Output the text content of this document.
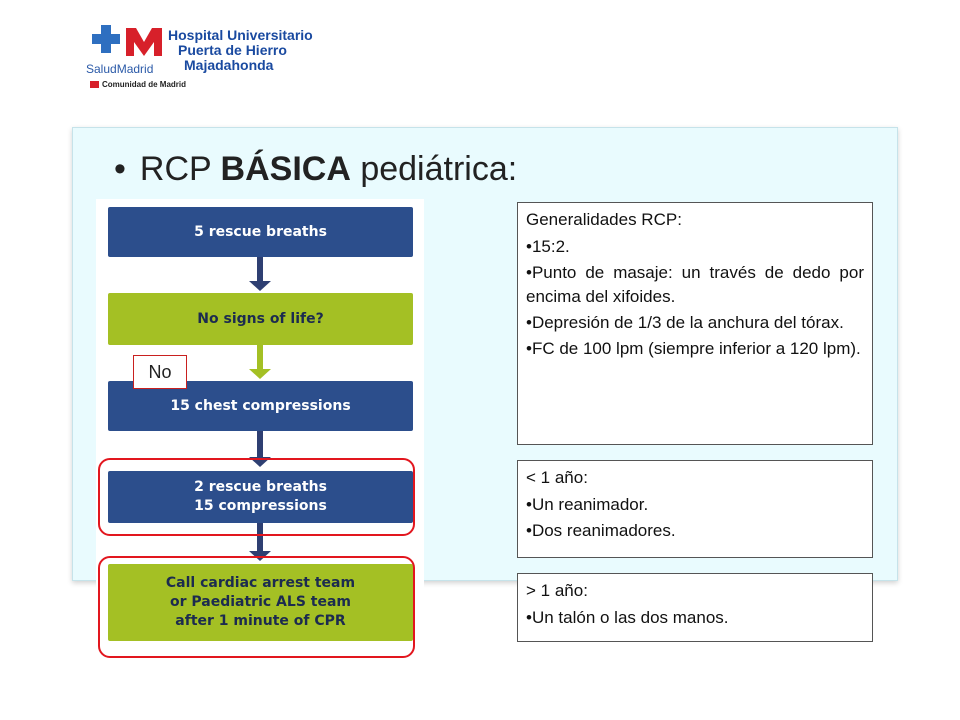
Hospital Universitario
Puerta de Hierro
Majadahonda
SaludMadrid
Comunidad de Madrid
• RCP BÁSICA pediátrica:
5 rescue breaths
No signs of life?
15 chest compressions
2 rescue breaths
15 compressions
Call cardiac arrest team
or Paediatric ALS team
after 1 minute of CPR
No
Generalidades RCP:
•15:2.
•Punto de masaje: un través de dedo por encima del xifoides.
•Depresión de 1/3 de la anchura del tórax.
•FC de 100 lpm (siempre inferior a 120 lpm).
< 1 año:
•Un reanimador.
•Dos reanimadores.
> 1 año:
•Un talón o las dos manos.
